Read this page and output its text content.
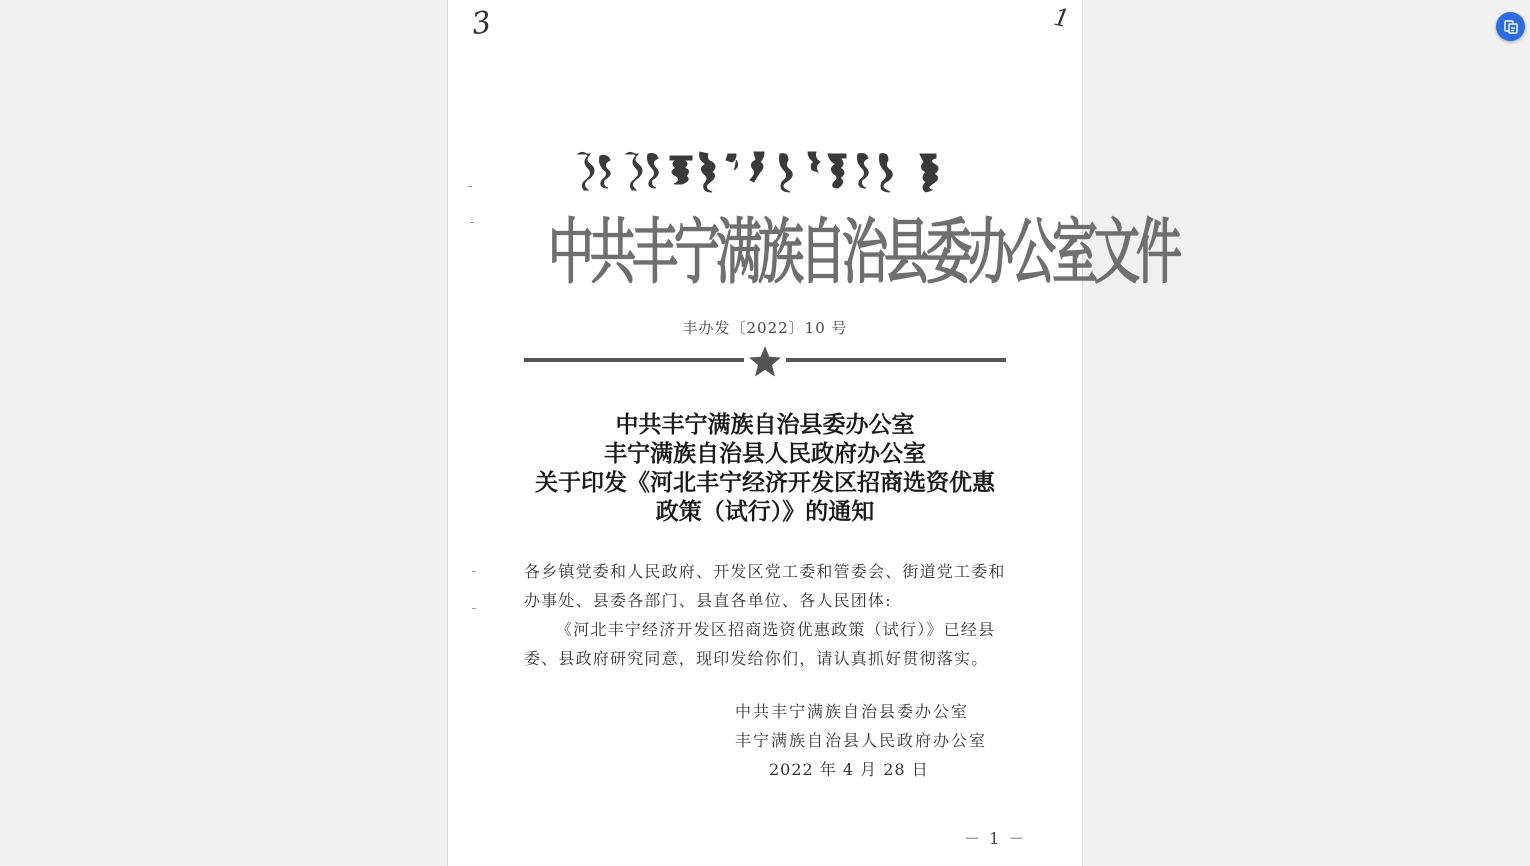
3	1
中共丰宁满族自治县委办公室文件
丰办发〔2022〕10 号
中共丰宁满族自治县委办公室
丰宁满族自治县人民政府办公室
关于印发《河北丰宁经济开发区招商选资优惠
政策（试行）》的通知

各乡镇党委和人民政府、开发区党工委和管委会、街道党工委和办事处、县委各部门、县直各单位、各人民团体:

《河北丰宁经济开发区招商选资优惠政策（试行）》已经县委、县政府研究同意，现印发给你们，请认真抓好贯彻落实。

中共丰宁满族自治县委办公室
丰宁满族自治县人民政府办公室
2022 年 4 月 28 日
－ 1 －
